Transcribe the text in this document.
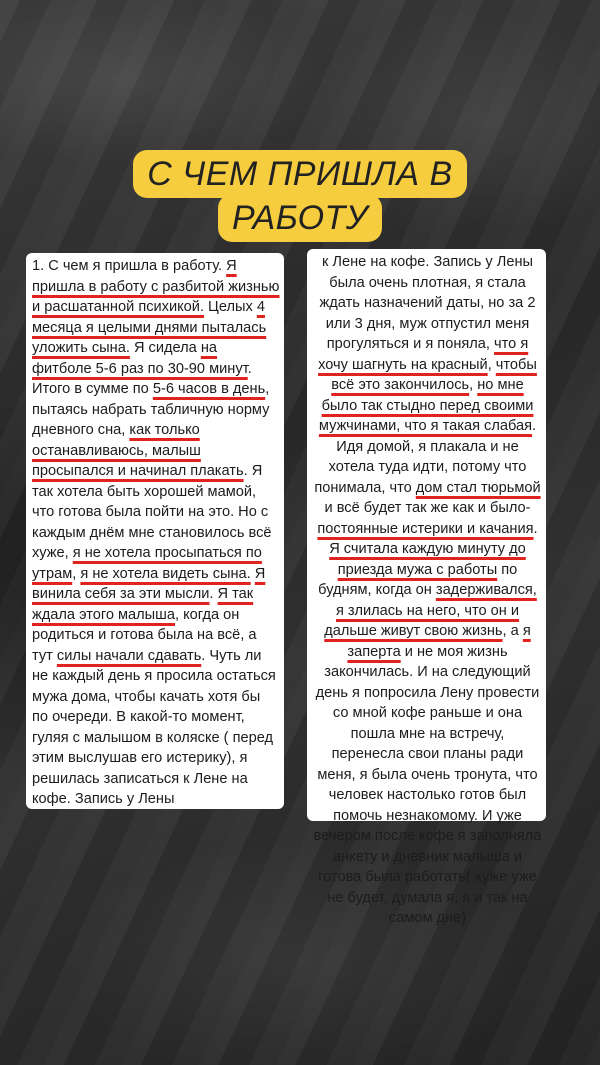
С ЧЕМ ПРИШЛА В
РАБОТУ
1. С чем я пришла в работу. Я пришла в работу с разбитой жизнью и расшатанной психикой. Целых 4 месяца я целыми днями пыталась уложить сына. Я сидела на фитболе 5-6 раз по 30-90 минут. Итого в сумме по 5-6 часов в день, пытаясь набрать табличную норму дневного сна, как только останавливаюсь, малыш просыпался и начинал плакать. Я так хотела быть хорошей мамой, что готова была пойти на это. Но с каждым днём мне становилось всё хуже, я не хотела просыпаться по утрам, я не хотела видеть сына. Я винила себя за эти мысли. Я так ждала этого малыша, когда он родиться и готова была на всё, а тут силы начали сдавать. Чуть ли не каждый день я просила остаться мужа дома, чтобы качать хотя бы по очереди. В какой-то момент, гуляя с малышом в коляске ( перед этим выслушав его истерику), я решилась записаться к Лене на кофе. Запись у Лены
к Лене на кофе. Запись у Лены была очень плотная, я стала ждать назначений даты, но за 2 или 3 дня, муж отпустил меня прогуляться и я поняла, что я хочу шагнуть на красный, чтобы всё это закончилось, но мне было так стыдно перед своими мужчинами, что я такая слабая. Идя домой, я плакала и не хотела туда идти, потому что понимала, что дом стал тюрьмой и всё будет так же как и было- постоянные истерики и качания. Я считала каждую минуту до приезда мужа с работы по будням, когда он задерживался, я злилась на него, что он и дальше живут свою жизнь, а я заперта и не моя жизнь закончилась. И на следующий день я попросила Лену провести со мной кофе раньше и она пошла мне на встречу, перенесла свои планы ради меня, я была очень тронута, что человек настолько готов был помочь незнакомому. И уже вечером после кофе я заполняла анкету и дневник малыша и готова была работать( хуже уже не будет, думала я, я и так на самом дне)
